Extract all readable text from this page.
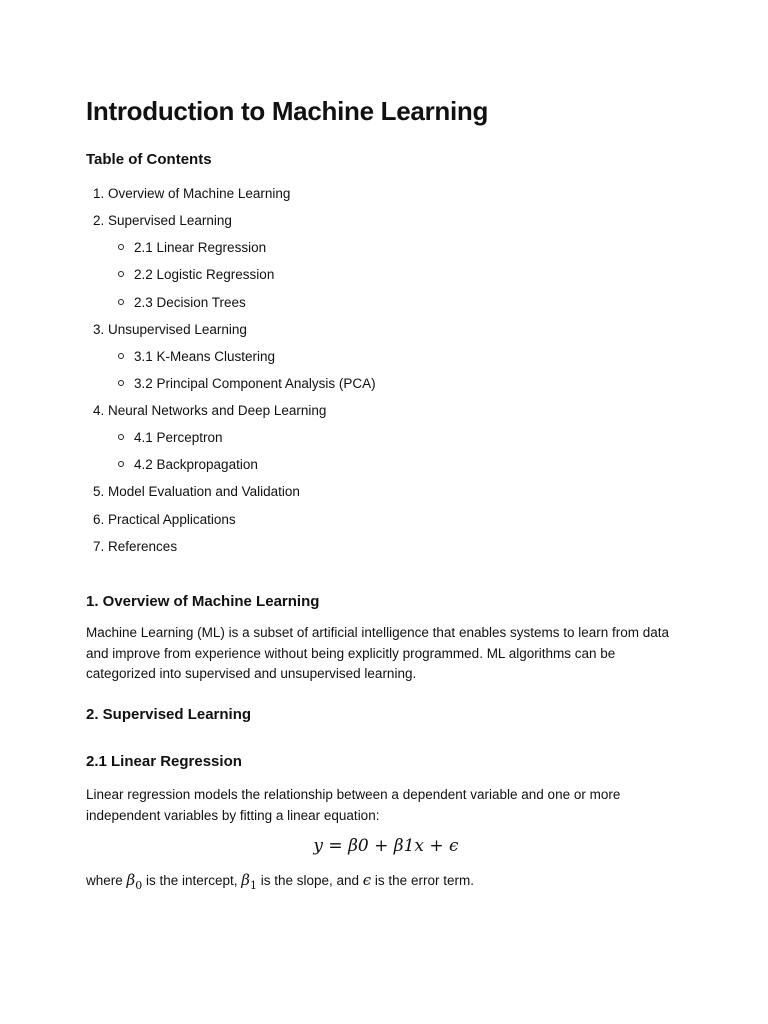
Introduction to Machine Learning
Table of Contents
1. Overview of Machine Learning
2. Supervised Learning
2.1 Linear Regression
2.2 Logistic Regression
2.3 Decision Trees
3. Unsupervised Learning
3.1 K-Means Clustering
3.2 Principal Component Analysis (PCA)
4. Neural Networks and Deep Learning
4.1 Perceptron
4.2 Backpropagation
5. Model Evaluation and Validation
6. Practical Applications
7. References
1. Overview of Machine Learning

Machine Learning (ML) is a subset of artificial intelligence that enables systems to learn from data and improve from experience without being explicitly programmed. ML algorithms can be categorized into supervised and unsupervised learning.

2. Supervised Learning
2.1 Linear Regression

Linear regression models the relationship between a dependent variable and one or more independent variables by fitting a linear equation:

y = β0 + β1x + ϵ

where $\beta_0$ is the intercept, $\beta_1$ is the slope, and ϵ is the error term.
